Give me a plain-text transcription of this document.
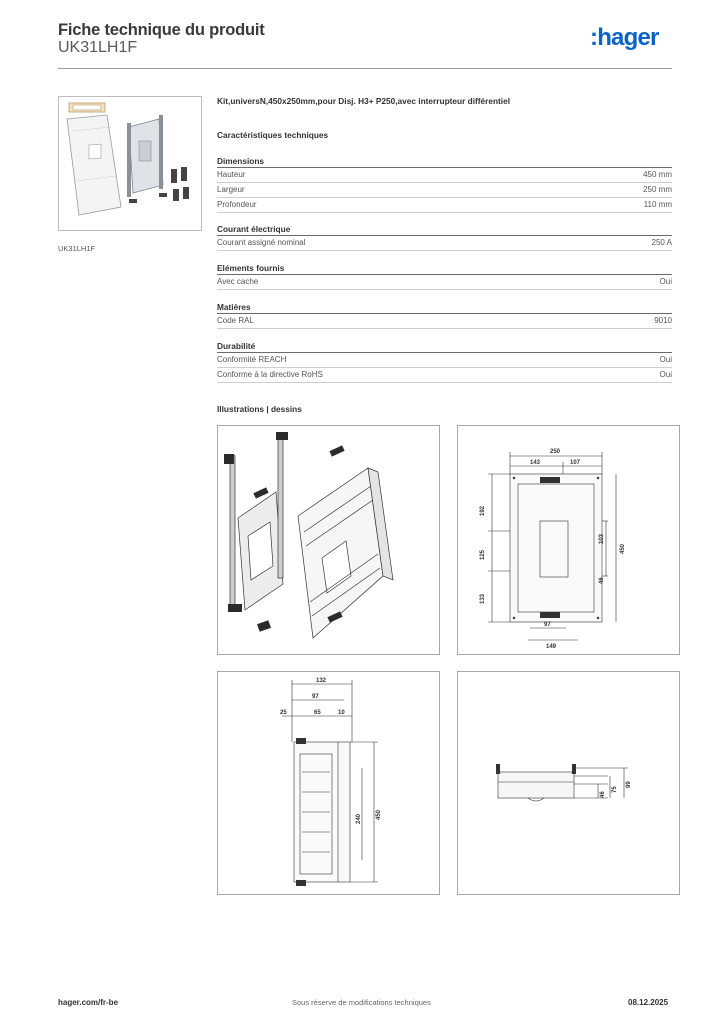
Fiche technique du produit
UK31LH1F	:hager
UK31LH1F
Kit,universN,450x250mm,pour Disj. H3+ P250,avec interrupteur différentiel
Caractéristiques techniques
Dimensions
Hauteur	450 mm
Largeur	250 mm
Profondeur	110 mm
Courant électrique
Courant assigné nominal	250 A
Eléments fournis
Avec cache	Oui
Matières
Code RAL	9010
Durabilité
Conformité REACH	Oui
Conforme à la directive RoHS	Oui
Illustrations | dessins
250
143	107
192
125
133
103
46
450
97
149
132
97
25	65	10
240 450
46
75
99
hager.com/fr-be	Sous réserve de modifications techniques	08.12.2025
